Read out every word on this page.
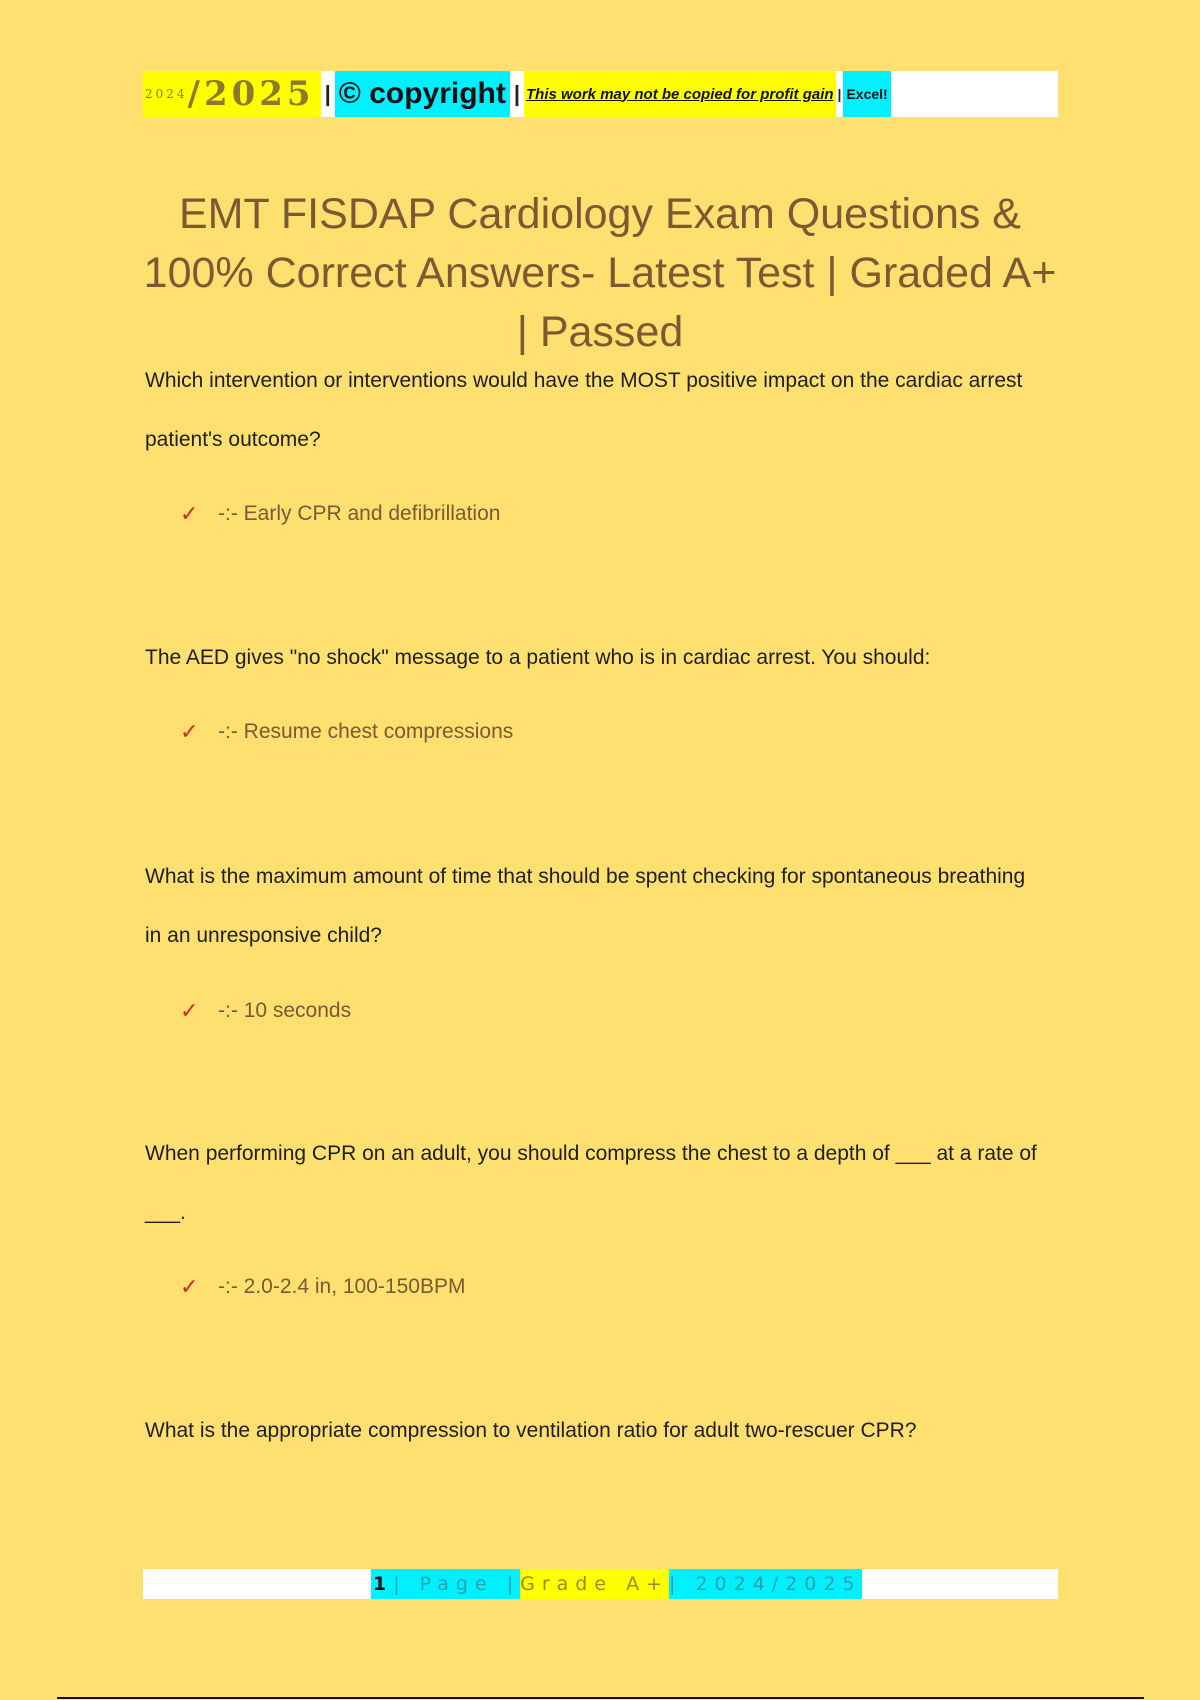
2024 /2025 | © copyright | This work may not be copied for profit gain | Excel!
EMT FISDAP Cardiology Exam Questions & 100% Correct Answers- Latest Test | Graded A+ | Passed
Which intervention or interventions would have the MOST positive impact on the cardiac arrest patient's outcome?
✓ -:- Early CPR and defibrillation
The AED gives "no shock" message to a patient who is in cardiac arrest. You should:
✓ -:- Resume chest compressions
What is the maximum amount of time that should be spent checking for spontaneous breathing in an unresponsive child?
✓ -:- 10 seconds
When performing CPR on an adult, you should compress the chest to a depth of ___ at a rate of ___.
✓ -:- 2.0-2.4 in, 100-150BPM
What is the appropriate compression to ventilation ratio for adult two-rescuer CPR?
1 | Page | Grade A+ | 2024/2025
